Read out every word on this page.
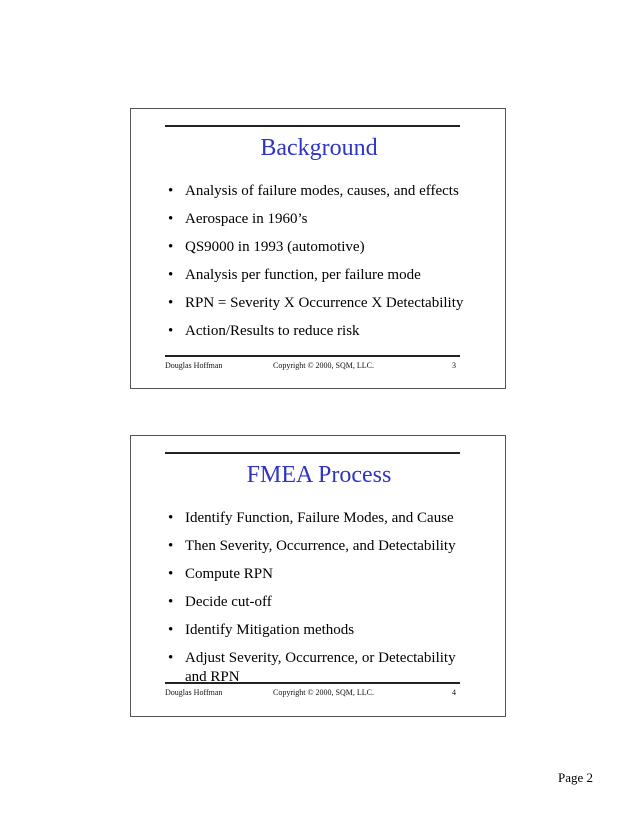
Background
• Analysis of failure modes, causes, and effects
• Aerospace in 1960’s
• QS9000 in 1993 (automotive)
• Analysis per function, per failure mode
• RPN = Severity X Occurrence X Detectability
• Action/Results to reduce risk
Douglas Hoffman	Copyright © 2000, SQM, LLC.	3
FMEA Process
• Identify Function, Failure Modes, and Cause
• Then Severity, Occurrence, and Detectability
• Compute RPN
• Decide cut-off
• Identify Mitigation methods
• Adjust Severity, Occurrence, or Detectability and RPN
Douglas Hoffman	Copyright © 2000, SQM, LLC.	4
Page 2
